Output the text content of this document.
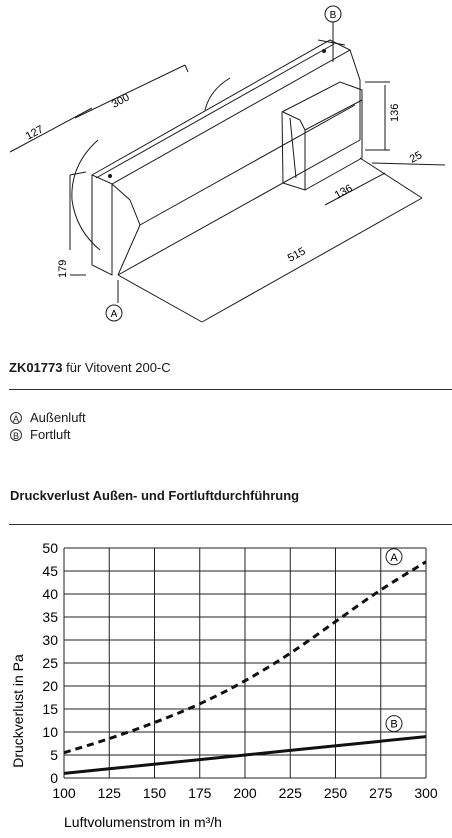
A
B
300
127
136
25
136
179
515
ZK01773 für Vitovent 200-C
A Außenluft
B Fortluft
Druckverlust Außen- und Fortluftdurchführung
100 125 150 175 200 225 250 275 300
0
5
10
15
20
25
30
35
40
45
50
A
B
Druckverlust in Pa
Luftvolumenstrom in m³/h
